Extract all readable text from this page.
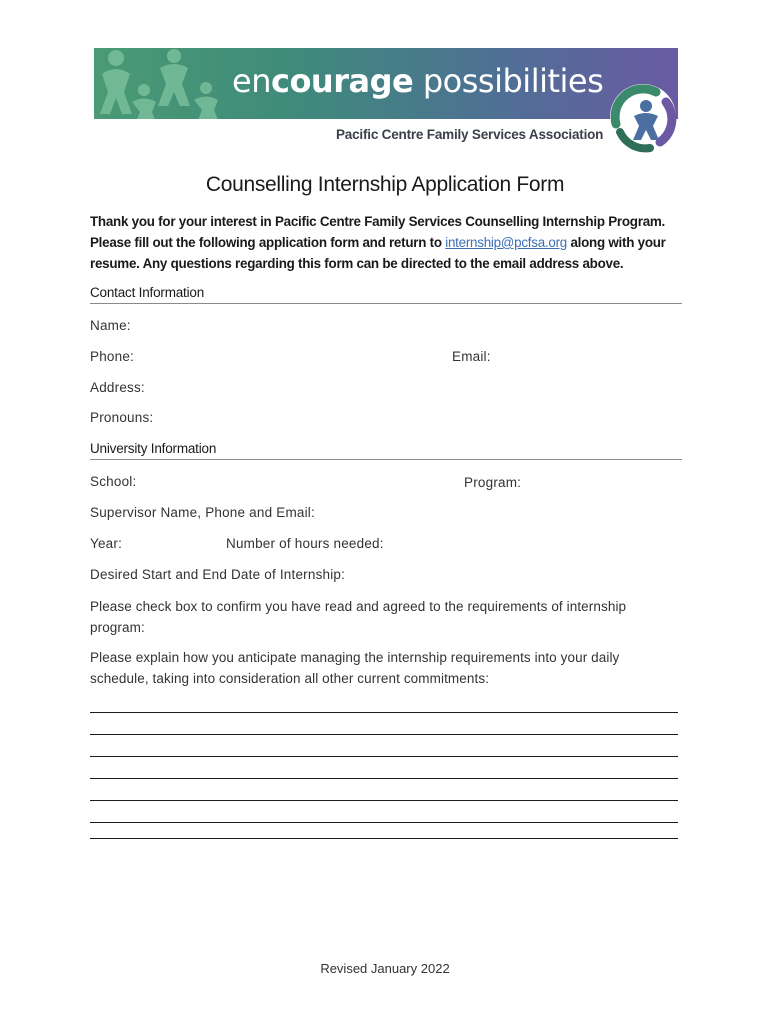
encourage possibilities
Pacific Centre Family Services Association
Counselling Internship Application Form
Thank you for your interest in Pacific Centre Family Services Counselling Internship Program. Please fill out the following application form and return to internship@pcfsa.org along with your resume. Any questions regarding this form can be directed to the email address above.
Contact Information
Name:
Phone:	Email:
Address:
Pronouns:
University Information
School:	Program:
Supervisor Name, Phone and Email:
Year:	Number of hours needed:
Desired Start and End Date of Internship:
Please check box to confirm you have read and agreed to the requirements of internship program:
Please explain how you anticipate managing the internship requirements into your daily schedule, taking into consideration all other current commitments:
Revised January 2022
